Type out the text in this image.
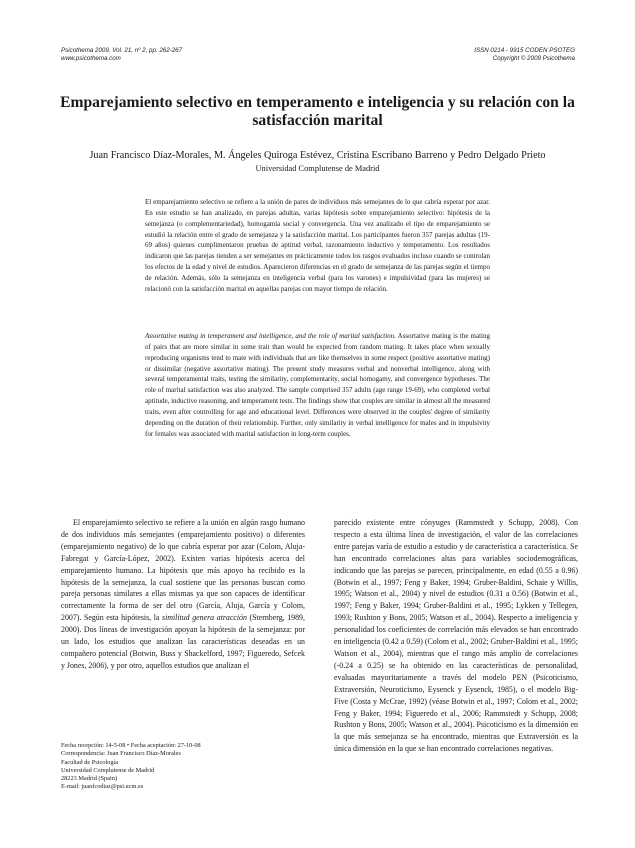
Psicothema 2009. Vol. 21, nº 2, pp. 262-267
www.psicothema.com
ISSN 0214 - 9915 CODEN PSOTEG
Copyright © 2009 Psicothema
Emparejamiento selectivo en temperamento e inteligencia y su relación con la satisfacción marital
Juan Francisco Díaz-Morales, M. Ángeles Quiroga Estévez, Cristina Escribano Barreno y Pedro Delgado Prieto
Universidad Complutense de Madrid

El emparejamiento selectivo se refiere a la unión de pares de individuos más semejantes de lo que cabría esperar por azar. En este estudio se han analizado, en parejas adultas, varias hipótesis sobre emparejamiento selectivo: hipótesis de la semejanza (o complementariedad), homogamia social y convergencia. Una vez analizado el tipo de emparejamiento se estudió la relación entre el grado de semejanza y la satisfacción marital. Los participantes fueron 357 parejas adultas (19-69 años) quienes cumplimentaron pruebas de aptitud verbal, razonamiento inductivo y temperamento. Los resultados indicaron que las parejas tienden a ser semejantes en prácticamente todos los rasgos evaluados incluso cuando se controlan los efectos de la edad y nivel de estudios. Aparecieron diferencias en el grado de semejanza de las parejas según el tiempo de relación. Además, sólo la semejanza en inteligencia verbal (para los varones) e impulsividad (para las mujeres) se relacionó con la satisfacción marital en aquellas parejas con mayor tiempo de relación.

Assortative mating in temperament and intelligence, and the role of marital satisfaction. Assortative mating is the mating of pairs that are more similar in some trait than would be expected from random mating. It takes place when sexually reproducing organisms tend to mate with individuals that are like themselves in some respect (positive assortative mating) or dissimilar (negative assortative mating). The present study measures verbal and nonverbal intelligence, along with several temperamental traits, testing the similarity, complementarity, social homogamy, and convergence hypotheses. The role of marital satisfaction was also analyzed. The sample comprised 357 adults (age range 19-69), who completed verbal aptitude, inductive reasoning, and temperament tests. The findings show that couples are similar in almost all the measured traits, even after controlling for age and educational level. Differences were observed in the couples' degree of similarity depending on the duration of their relationship. Further, only similarity in verbal intelligence for males and in impulsivity for females was associated with marital satisfaction in long-term couples.

El emparejamiento selectivo se refiere a la unión en algún rasgo humano de dos individuos más semejantes (emparejamiento positivo) o diferentes (emparejamiento negativo) de lo que cabría esperar por azar (Colom, Aluja-Fabregat y García-López, 2002). Existen varias hipótesis acerca del emparejamiento humano. La hipótesis que más apoyo ha recibido es la hipótesis de la semejanza, la cual sostiene que las personas buscan como pareja personas similares a ellas mismas ya que son capaces de identificar correctamente la forma de ser del otro (García, Aluja, García y Colom, 2007). Según esta hipótesis, la similitud genera atracción (Sternberg, 1989, 2000). Dos líneas de investigación apoyan la hipótesis de la semejanza: por un lado, los estudios que analizan las características deseadas en un compañero potencial (Botwin, Buss y Shackelford, 1997; Figueredo, Sefcek y Jones, 2006), y por otro, aquellos estudios que analizan el

parecido existente entre cónyuges (Rammstedt y Schupp, 2008). Con respecto a esta última línea de investigación, el valor de las correlaciones entre parejas varía de estudio a estudio y de característica a característica. Se han encontrado correlaciones altas para variables sociodemográficas, indicando que las parejas se parecen, principalmente, en edad (0.55 a 0.96) (Botwin et al., 1997; Feng y Baker, 1994; Gruber-Baldini, Schaie y Willis, 1995; Watson et al., 2004) y nivel de estudios (0.31 a 0.56) (Botwin et al., 1997; Feng y Baker, 1994; Gruber-Baldini et al., 1995; Lykken y Tellegen, 1993; Rushton y Bons, 2005; Watson et al., 2004). Respecto a inteligencia y personalidad los coeficientes de correlación más elevados se han encontrado en inteligencia (0.42 a 0.59) (Colom et al., 2002; Gruber-Baldini et al., 1995; Watson et al., 2004), mientras que el rango más amplio de correlaciones (-0.24 a 0.25) se ha obtenido en las características de personalidad, evaluadas mayoritariamente a través del modelo PEN (Psicoticismo, Extraversión, Neuroticismo, Eysenck y Eysenck, 1985), o el modelo Big-Five (Costa y McCrae, 1992) (véase Botwin et al., 1997; Colom et al., 2002; Feng y Baker, 1994; Figueredo et al., 2006; Rammstedt y Schupp, 2008; Rushton y Bons, 2005; Watson et al., 2004). Psicoticismo es la dimensión en la que más semejanza se ha encontrado, mientras que Extraversión es la única dimensión en la que se han encontrado correlaciones negativas.

Fecha recepción: 14-5-08 • Fecha aceptación: 27-10-08
Correspondencia: Juan Francisco Díaz-Morales
Facultad de Psicología
Universidad Complutense de Madrid
28223 Madrid (Spain)
E-mail: juanfcodiaz@psi.ucm.es
